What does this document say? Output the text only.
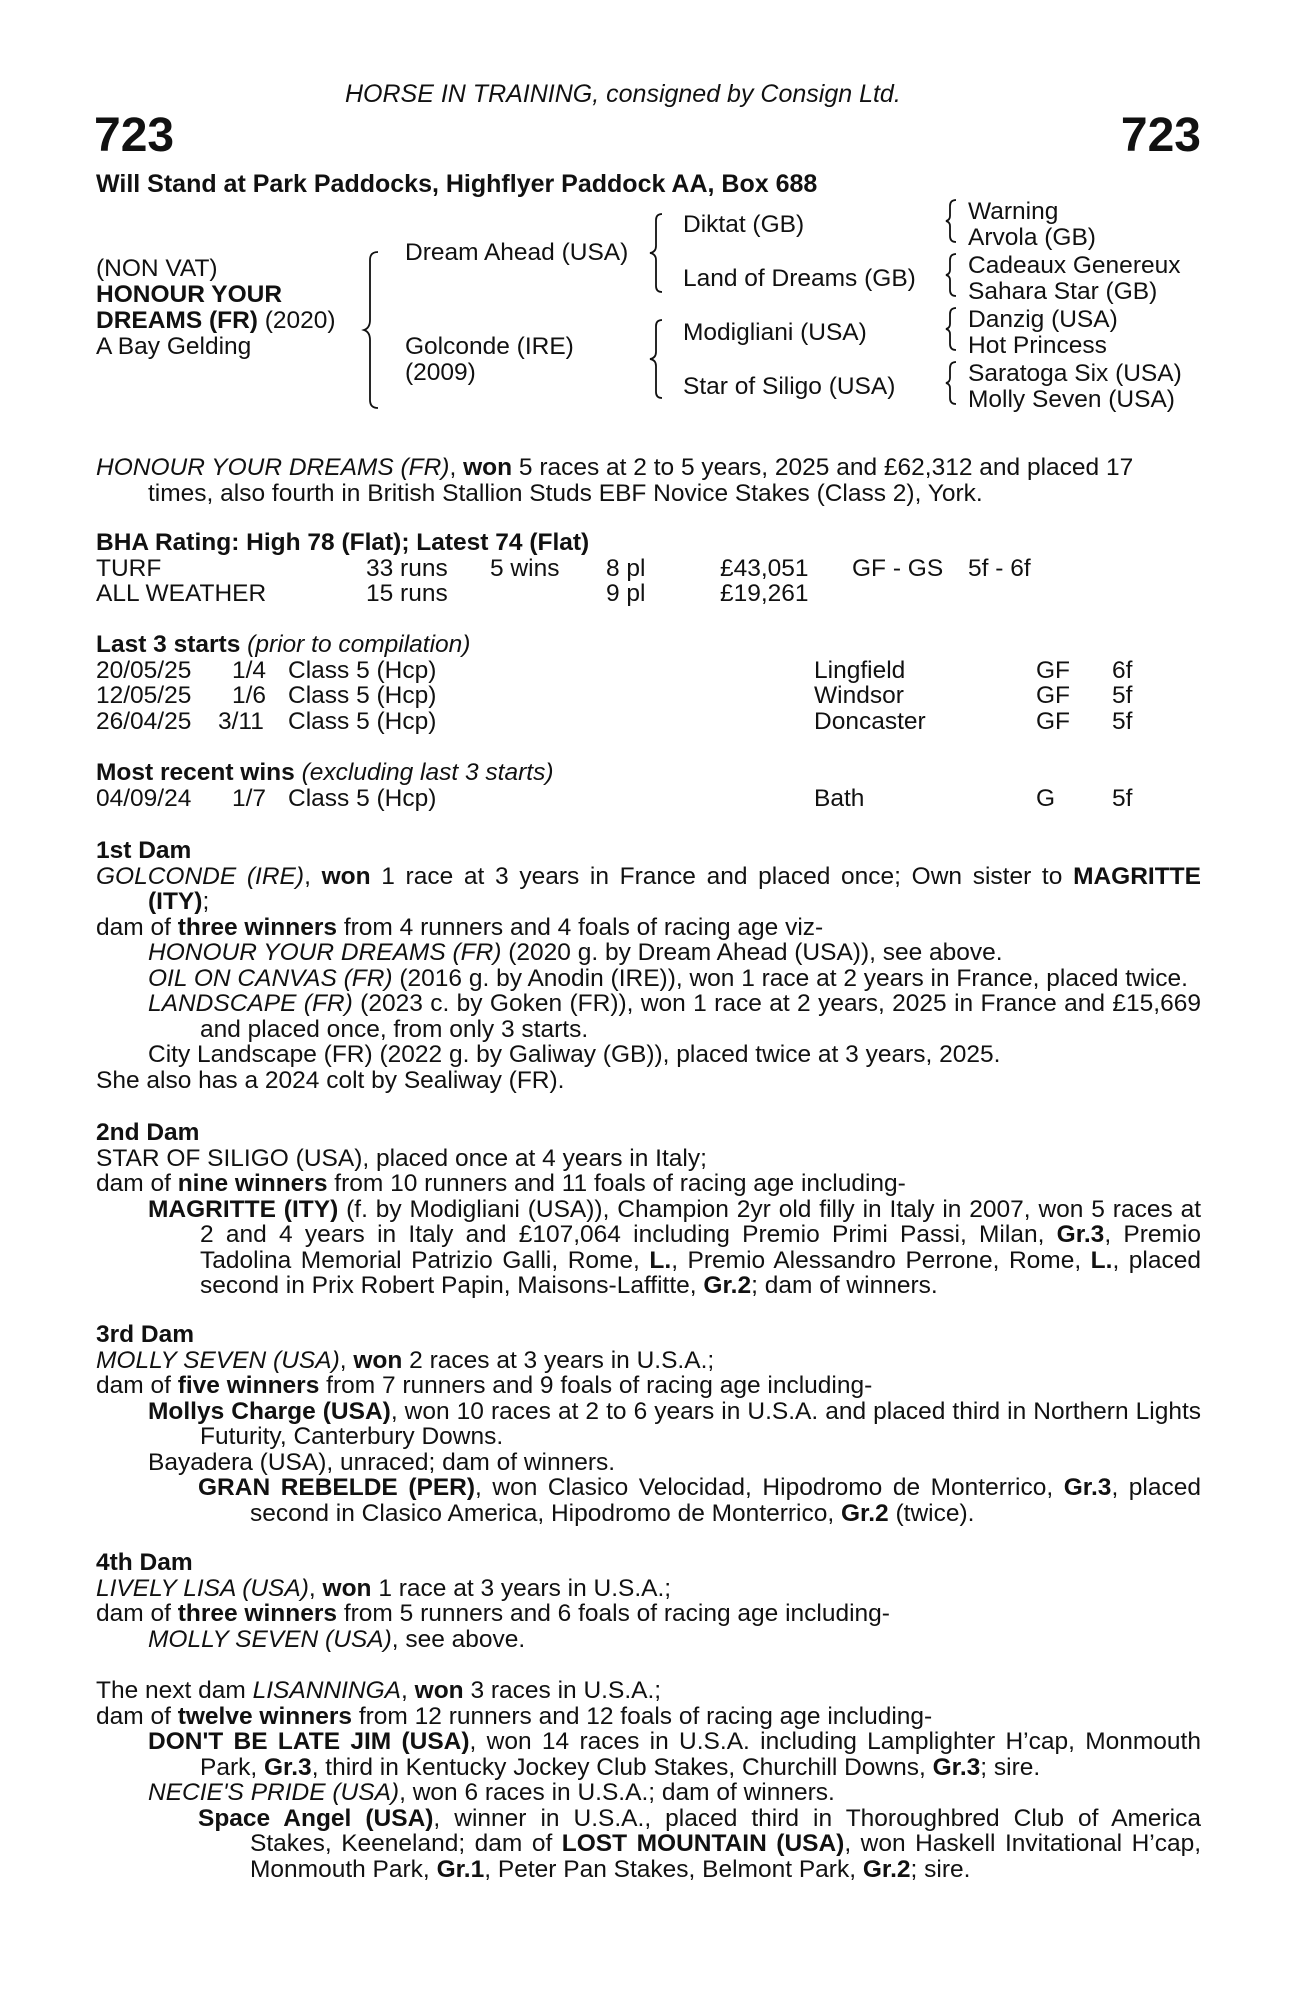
HORSE IN TRAINING, consigned by Consign Ltd.
723	723
Will Stand at Park Paddocks, Highflyer Paddock AA, Box 688
(NON VAT)
HONOUR YOUR
DREAMS (FR) (2020)
A Bay Gelding
Dream Ahead (USA)
Golconde (IRE)
(2009)
Diktat (GB)
Land of Dreams (GB)
Modigliani (USA)
Star of Siligo (USA)
Warning
Arvola (GB)
Cadeaux Genereux
Sahara Star (GB)
Danzig (USA)
Hot Princess
Saratoga Six (USA)
Molly Seven (USA)

HONOUR YOUR DREAMS (FR), won 5 races at 2 to 5 years, 2025 and £62,312 and placed 17

times, also fourth in British Stallion Studs EBF Novice Stakes (Class 2), York.

BHA Rating: High 78 (Flat); Latest 74 (Flat)

TURF	33 runs 5 wins 8 pl	£43,051 GF - GS 5f - 6f
ALL WEATHER	15 runs	9 pl	£19,261

Last 3 starts (prior to compilation)

20/05/25 1/4 Class 5 (Hcp)	Lingfield	GF 6f
12/05/25 1/6 Class 5 (Hcp)	Windsor	GF 5f
26/04/25 3/11 Class 5 (Hcp)	Doncaster	GF 5f

Most recent wins (excluding last 3 starts)

04/09/24 1/7 Class 5 (Hcp)	Bath	G 5f

1st Dam

GOLCONDE (IRE), won 1 race at 3 years in France and placed once; Own sister to MAGRITTE (ITY);

dam of three winners from 4 runners and 4 foals of racing age viz-

HONOUR YOUR DREAMS (FR) (2020 g. by Dream Ahead (USA)), see above.

OIL ON CANVAS (FR) (2016 g. by Anodin (IRE)), won 1 race at 2 years in France, placed twice.

LANDSCAPE (FR) (2023 c. by Goken (FR)), won 1 race at 2 years, 2025 in France and £15,669 and placed once, from only 3 starts.

City Landscape (FR) (2022 g. by Galiway (GB)), placed twice at 3 years, 2025.

She also has a 2024 colt by Sealiway (FR).

2nd Dam

STAR OF SILIGO (USA), placed once at 4 years in Italy;

dam of nine winners from 10 runners and 11 foals of racing age including-

MAGRITTE (ITY) (f. by Modigliani (USA)), Champion 2yr old filly in Italy in 2007, won 5 races at 2 and 4 years in Italy and £107,064 including Premio Primi Passi, Milan, Gr.3, Premio Tadolina Memorial Patrizio Galli, Rome, L., Premio Alessandro Perrone, Rome, L., placed second in Prix Robert Papin, Maisons-Laffitte, Gr.2; dam of winners.

3rd Dam

MOLLY SEVEN (USA), won 2 races at 3 years in U.S.A.;

dam of five winners from 7 runners and 9 foals of racing age including-

Mollys Charge (USA), won 10 races at 2 to 6 years in U.S.A. and placed third in Northern Lights Futurity, Canterbury Downs.

Bayadera (USA), unraced; dam of winners.

GRAN REBELDE (PER), won Clasico Velocidad, Hipodromo de Monterrico, Gr.3, placed second in Clasico America, Hipodromo de Monterrico, Gr.2 (twice).

4th Dam

LIVELY LISA (USA), won 1 race at 3 years in U.S.A.;

dam of three winners from 5 runners and 6 foals of racing age including-

MOLLY SEVEN (USA), see above.

The next dam LISANNINGA, won 3 races in U.S.A.;

dam of twelve winners from 12 runners and 12 foals of racing age including-

DON'T BE LATE JIM (USA), won 14 races in U.S.A. including Lamplighter H’cap, Monmouth Park, Gr.3, third in Kentucky Jockey Club Stakes, Churchill Downs, Gr.3; sire.

NECIE'S PRIDE (USA), won 6 races in U.S.A.; dam of winners.

Space Angel (USA), winner in U.S.A., placed third in Thoroughbred Club of America Stakes, Keeneland; dam of LOST MOUNTAIN (USA), won Haskell Invitational H’cap, Monmouth Park, Gr.1, Peter Pan Stakes, Belmont Park, Gr.2; sire.
